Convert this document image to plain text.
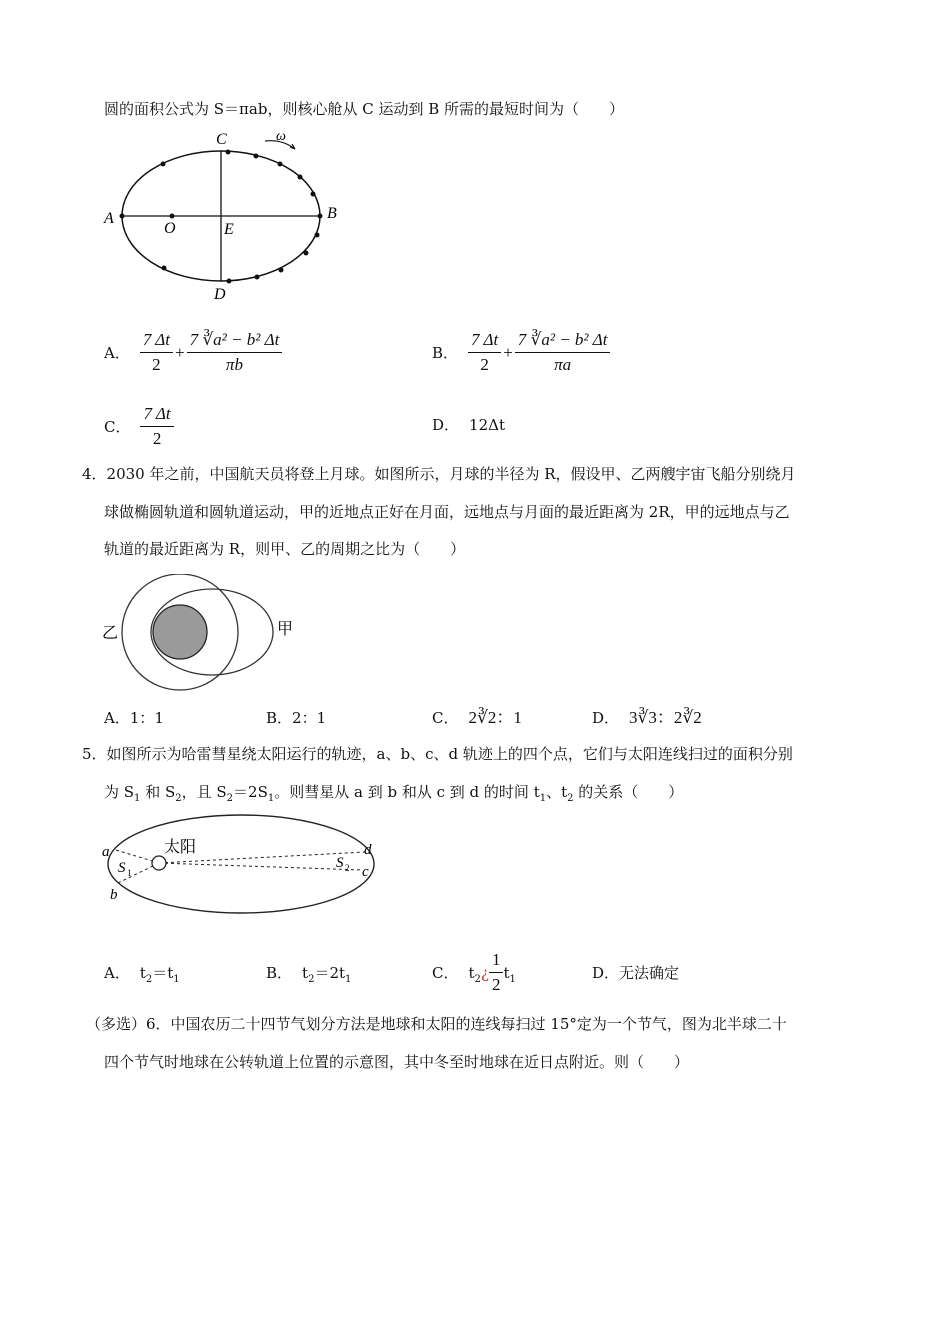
圆的面积公式为 S＝πab，则核心舱从 C 运动到 B 所需的最短时间为（　　）
C	ω
A
O	E
B
D
A． $\frac{7 \Delta t}{2} + \frac{\text{7 ∛a² − b² Δt}}{\pi b}$	B． $\frac{7 \Delta t}{2} + \frac{\text{7 ∛a² − b² Δt}}{\pi a}$
C． $\frac{7 \Delta t}{2}$	D． 12Δt
4．2030 年之前，中国航天员将登上月球。如图所示，月球的半径为 R，假设甲、乙两艘宇宙飞船分别绕月
球做椭圆轨道和圆轨道运动，甲的近地点正好在月面，远地点与月面的最近距离为 2R，甲的远地点与乙
轨道的最近距离为 R，则甲、乙的周期之比为（　　）
乙	甲
A．1：1	B．2：1	C． 2∛2：1	D． 3∛3：2∛2
5．如图所示为哈雷彗星绕太阳运行的轨迹，a、b、c、d 轨迹上的四个点，它们与太阳连线扫过的面积分别
为 $S_1$ 和 $S_2$，且 $S_2=2S_1$。则彗星从 a 到 b 和从 c 到 d 的时间 $t_1$、$t_2$ 的关系（　　）
太阳
a
b
c
d
S 1
S 2
A． $t_2=t_1$	B． $t_2=2t_1$	C． $t_2$ ¿ $\frac{1}{2} t_1$	D．无法确定
（多选）6．中国农历二十四节气划分方法是地球和太阳的连线每扫过 15°定为一个节气，图为北半球二十
四个节气时地球在公转轨道上位置的示意图，其中冬至时地球在近日点附近。则（　　）
